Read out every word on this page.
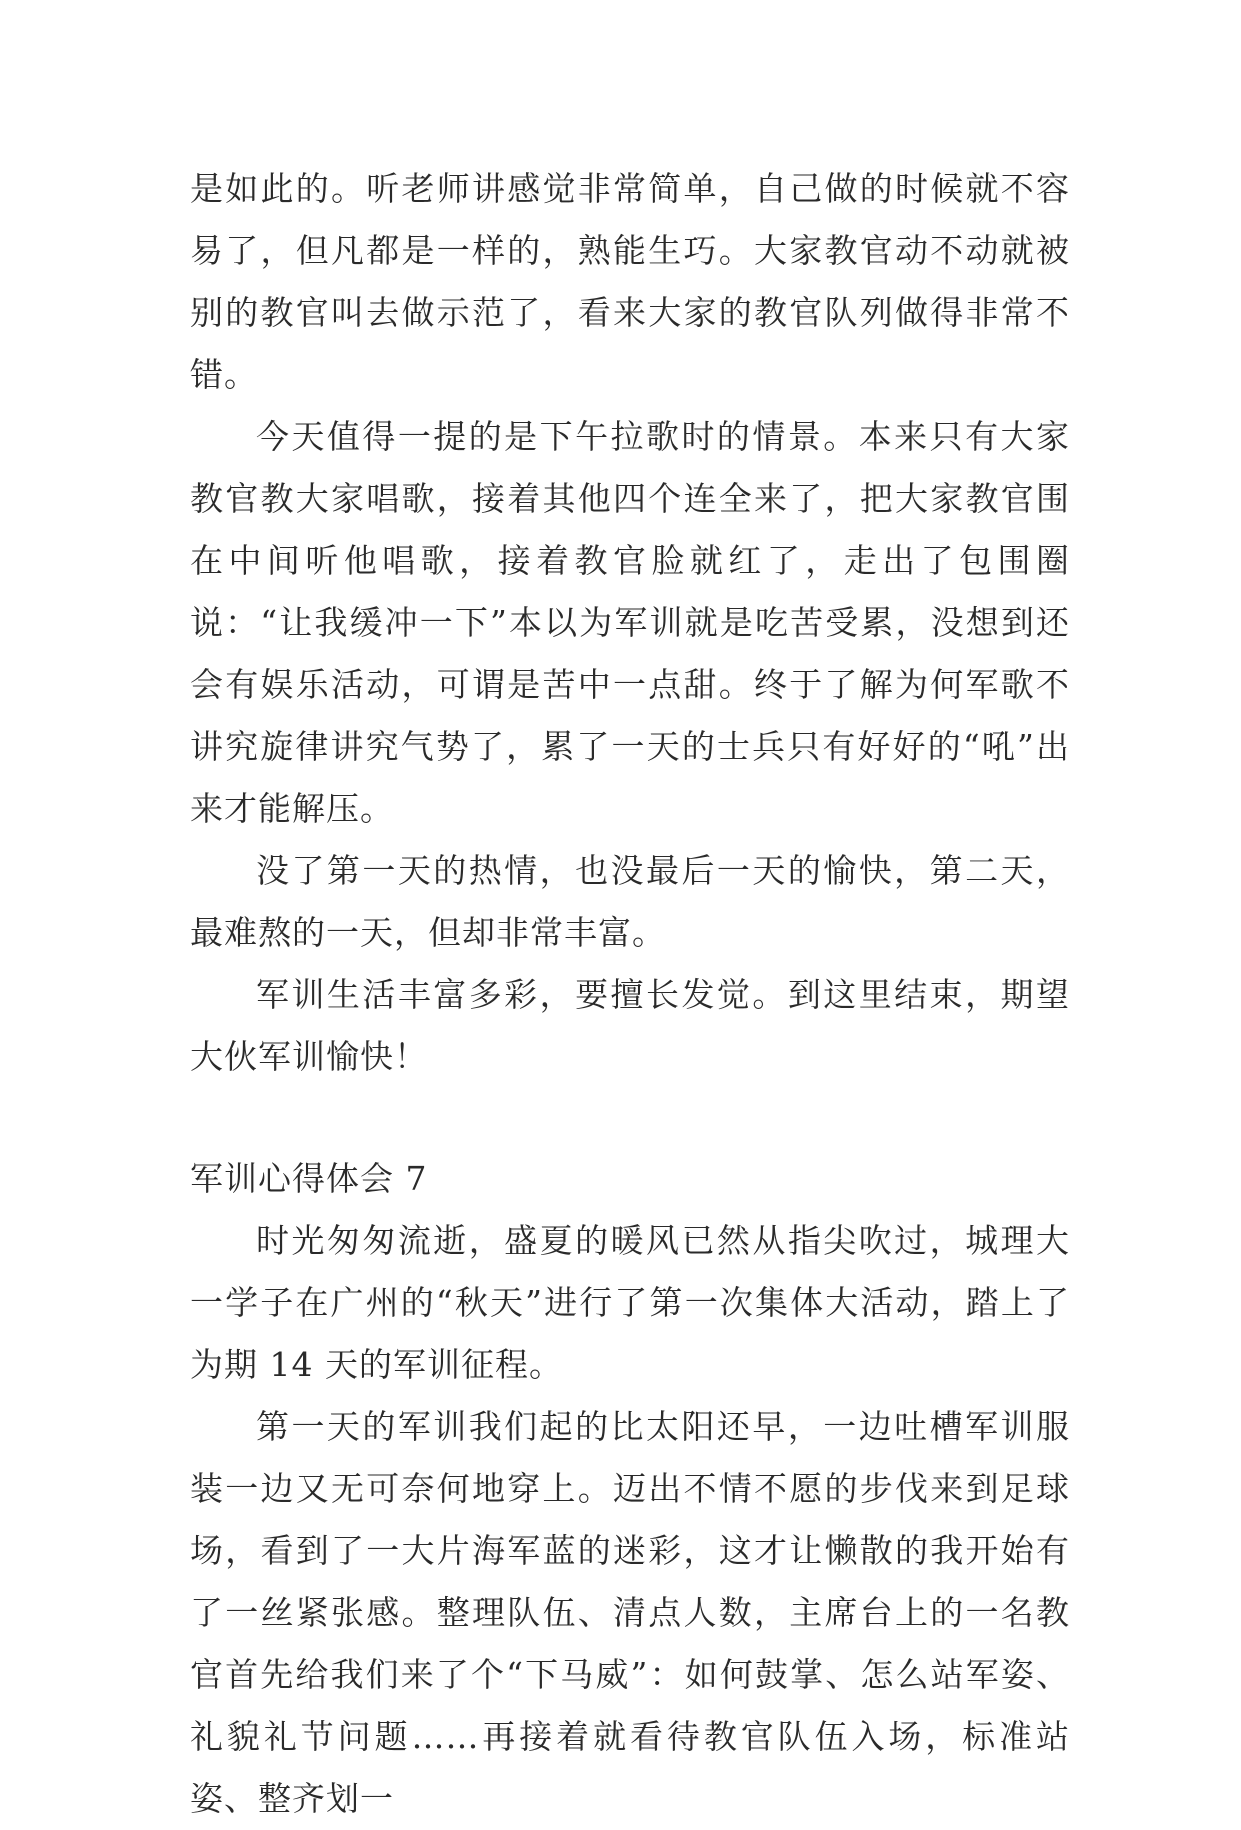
是如此的。听老师讲感觉非常简单，自己做的时候就不容易了，但凡都是一样的，熟能生巧。大家教官动不动就被别的教官叫去做示范了，看来大家的教官队列做得非常不错。

今天值得一提的是下午拉歌时的情景。本来只有大家教官教大家唱歌，接着其他四个连全来了，把大家教官围在中间听他唱歌，接着教官脸就红了，走出了包围圈说：“让我缓冲一下”本以为军训就是吃苦受累，没想到还会有娱乐活动，可谓是苦中一点甜。终于了解为何军歌不讲究旋律讲究气势了，累了一天的士兵只有好好的“吼”出来才能解压。

没了第一天的热情，也没最后一天的愉快，第二天，最难熬的一天，但却非常丰富。

军训生活丰富多彩，要擅长发觉。到这里结束，期望大伙军训愉快！

军训心得体会 7

时光匆匆流逝，盛夏的暖风已然从指尖吹过，城理大一学子在广州的“秋天”进行了第一次集体大活动，踏上了为期 14 天的军训征程。

第一天的军训我们起的比太阳还早，一边吐槽军训服装一边又无可奈何地穿上。迈出不情不愿的步伐来到足球场，看到了一大片海军蓝的迷彩，这才让懒散的我开始有了一丝紧张感。整理队伍、清点人数，主席台上的一名教官首先给我们来了个“下马威”：如何鼓掌、怎么站军姿、礼貌礼节问题……再接着就看待教官队伍入场，标准站姿、整齐划一
